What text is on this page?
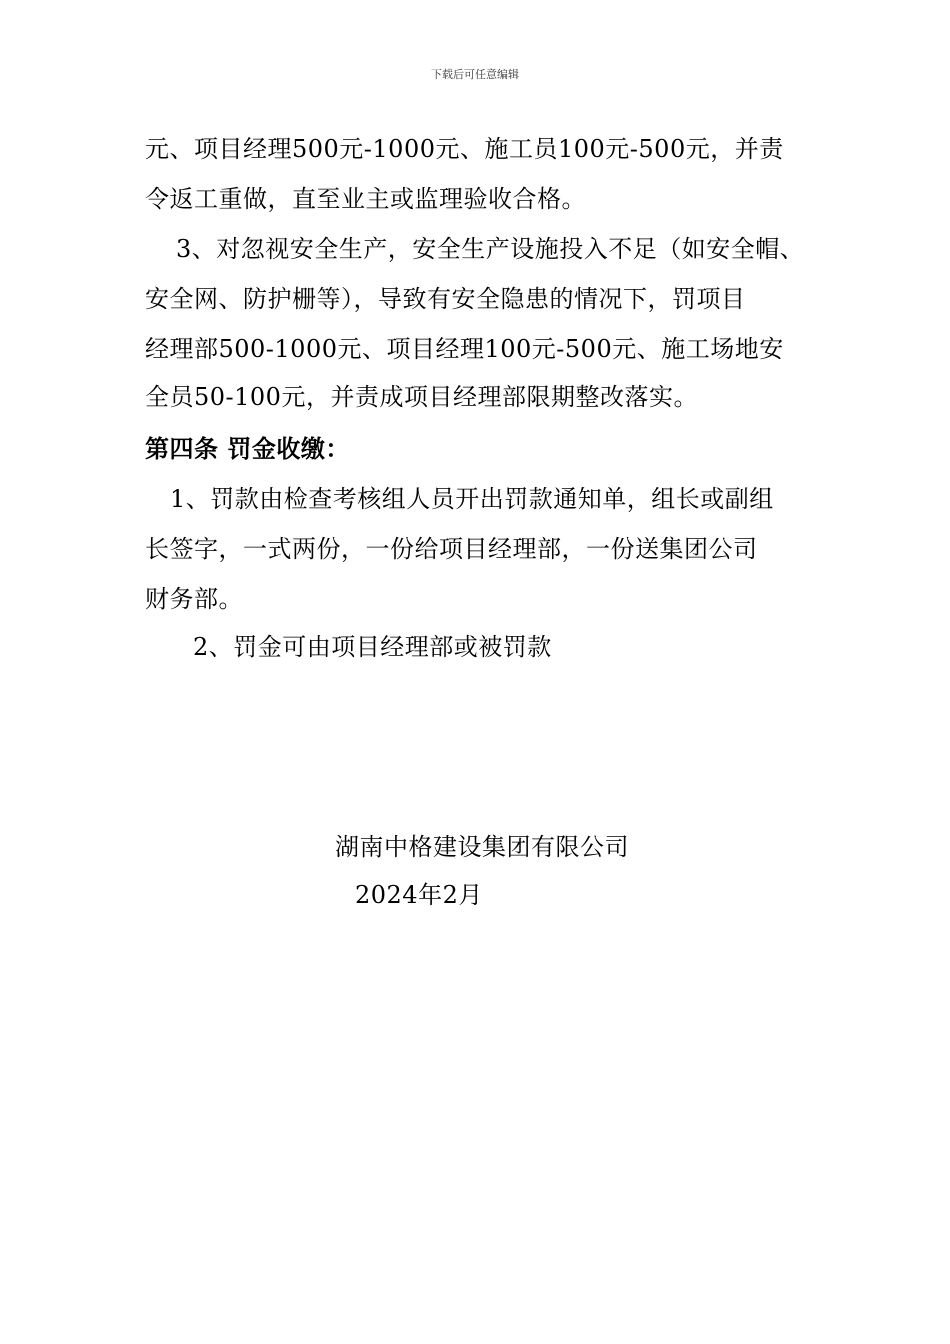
下载后可任意编辑
元、项目经理500元-1000元、施工员100元-500元，并责
令返工重做，直至业主或监理验收合格。
3、对忽视安全生产，安全生产设施投入不足（如安全帽、
安全网、防护栅等），导致有安全隐患的情况下，罚项目
经理部500-1000元、项目经理100元-500元、施工场地安
全员50-100元，并责成项目经理部限期整改落实。
第四条 罚金收缴：
1、罚款由检查考核组人员开出罚款通知单，组长或副组
长签字，一式两份，一份给项目经理部，一份送集团公司
财务部。
2、罚金可由项目经理部或被罚款
湖南中格建设集团有限公司
2024年2月
